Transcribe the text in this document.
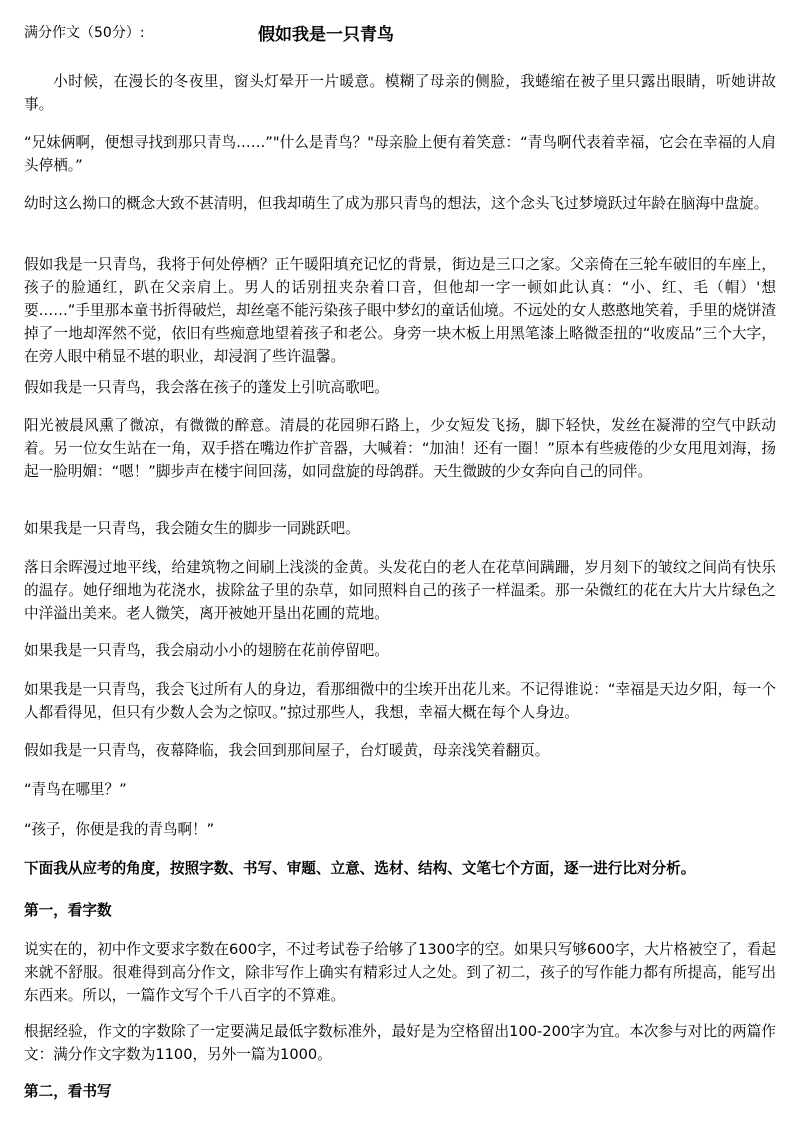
满分作文（50分）:	假如我是一只青鸟

小时候，在漫长的冬夜里，窗头灯晕开一片暖意。模糊了母亲的侧脸，我蜷缩在被子里只露出眼睛，听她讲故事。

“兄妹俩啊，便想寻找到那只青鸟……”"什么是青鸟？"母亲脸上便有着笑意：“青鸟啊代表着幸福，它会在幸福的人肩头停栖。”

幼时这么拗口的概念大致不甚清明，但我却萌生了成为那只青鸟的想法，这个念头飞过梦境跃过年龄在脑海中盘旋。

假如我是一只青鸟，我将于何处停栖？正午暖阳填充记忆的背景，街边是三口之家。父亲倚在三轮车破旧的车座上，孩子的脸通红，趴在父亲肩上。男人的话别扭夹杂着口音，但他却一字一顿如此认真：“小、红、毛（帽）'想要……”手里那本童书折得破烂，却丝毫不能污染孩子眼中梦幻的童话仙境。不远处的女人憨憨地笑着，手里的烧饼渣掉了一地却浑然不觉，依旧有些痴意地望着孩子和老公。身旁一块木板上用黑笔漆上略微歪扭的“收废品”三个大字，在旁人眼中稍显不堪的职业，却浸润了些许温馨。

假如我是一只青鸟，我会落在孩子的蓬发上引吭高歌吧。

阳光被晨风熏了微凉，有微微的醉意。清晨的花园卵石路上，少女短发飞扬，脚下轻快，发丝在凝滞的空气中跃动着。另一位女生站在一角，双手搭在嘴边作扩音器，大喊着：“加油！还有一圈！”原本有些疲倦的少女甩甩刘海，扬起一脸明媚：“嗯！”脚步声在楼宇间回荡，如同盘旋的母鸽群。天生微跛的少女奔向自己的同伴。

如果我是一只青鸟，我会随女生的脚步一同跳跃吧。

落日余晖漫过地平线，给建筑物之间刷上浅淡的金黄。头发花白的老人在花草间蹒跚，岁月刻下的皱纹之间尚有快乐的温存。她仔细地为花浇水，拔除盆子里的杂草，如同照料自己的孩子一样温柔。那一朵微红的花在大片大片绿色之中洋溢出美来。老人微笑，离开被她开垦出花圃的荒地。

如果我是一只青鸟，我会扇动小小的翅膀在花前停留吧。

如果我是一只青鸟，我会飞过所有人的身边，看那细微中的尘埃开出花儿来。不记得谁说：“幸福是天边夕阳，每一个人都看得见，但只有少数人会为之惊叹。”掠过那些人，我想，幸福大概在每个人身边。

假如我是一只青鸟，夜幕降临，我会回到那间屋子，台灯暖黄，母亲浅笑着翻页。

“青鸟在哪里？”

“孩子，你便是我的青鸟啊！”

下面我从应考的角度，按照字数、书写、审题、立意、选材、结构、文笔七个方面，逐一进行比对分析。

第一，看字数

说实在的，初中作文要求字数在600字，不过考试卷子给够了1300字的空。如果只写够600字，大片格被空了，看起来就不舒服。很难得到高分作文，除非写作上确实有精彩过人之处。到了初二，孩子的写作能力都有所提高，能写出东西来。所以，一篇作文写个千八百字的不算难。

根据经验，作文的字数除了一定要满足最低字数标准外，最好是为空格留出100-200字为宜。本次参与对比的两篇作文：满分作文字数为1100，另外一篇为1000。

第二，看书写
